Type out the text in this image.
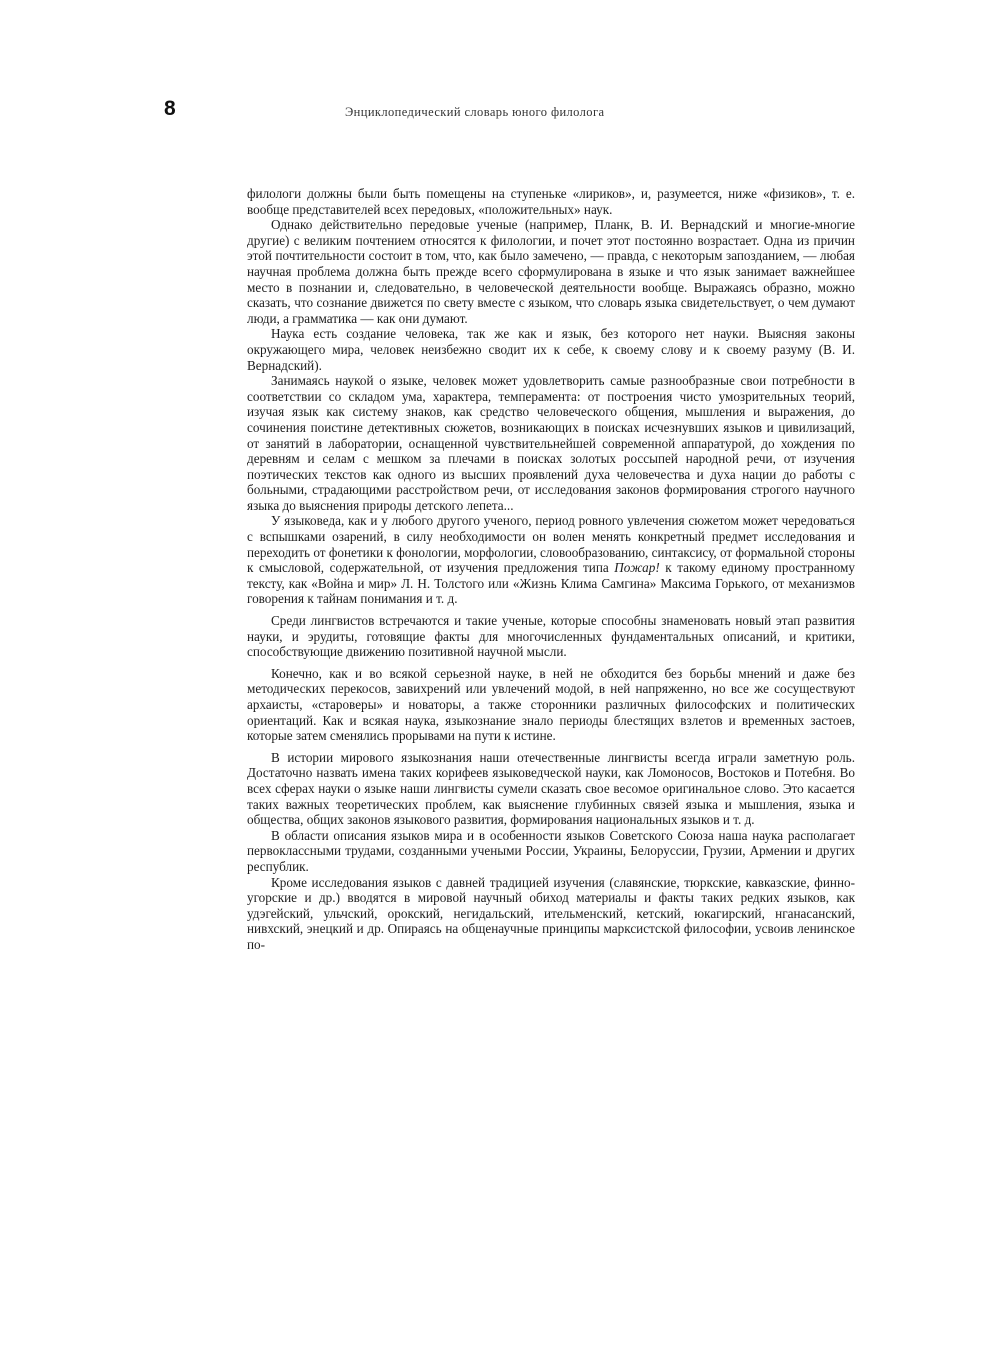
8	Энциклопедический словарь юного филолога

филологи должны были быть помещены на ступеньке «лириков», и, разумеется, ниже «физиков», т. е. вообще представителей всех передовых, «положительных» наук.

Однако действительно передовые ученые (например, Планк, В. И. Вернадский и многие-многие другие) с великим почтением относятся к филологии, и почет этот постоянно возрастает. Одна из причин этой почтительности состоит в том, что, как было замечено, — правда, с некоторым запозданием, — любая научная проблема должна быть прежде всего сформулирована в языке и что язык занимает важнейшее место в познании и, следовательно, в человеческой деятельности вообще. Выражаясь образно, можно сказать, что сознание движется по свету вместе с языком, что словарь языка свидетельствует, о чем думают люди, а грамматика — как они думают.

Наука есть создание человека, так же как и язык, без которого нет науки. Выясняя законы окружающего мира, человек неизбежно сводит их к себе, к своему слову и к своему разуму (В. И. Вернадский).

Занимаясь наукой о языке, человек может удовлетворить самые разнообразные свои потребности в соответствии со складом ума, характера, темперамента: от построения чисто умозрительных теорий, изучая язык как систему знаков, как средство человеческого общения, мышления и выражения, до сочинения поистине детективных сюжетов, возникающих в поисках исчезнувших языков и цивилизаций, от занятий в лаборатории, оснащенной чувствительнейшей современной аппаратурой, до хождения по деревням и селам с мешком за плечами в поисках золотых россыпей народной речи, от изучения поэтических текстов как одного из высших проявлений духа человечества и духа нации до работы с больными, страдающими расстройством речи, от исследования законов формирования строгого научного языка до выяснения природы детского лепета...

У языковеда, как и у любого другого ученого, период ровного увлечения сюжетом может чередоваться с вспышками озарений, в силу необходимости он волен менять конкретный предмет исследования и переходить от фонетики к фонологии, морфологии, словообразованию, синтаксису, от формальной стороны к смысловой, содержательной, от изучения предложения типа Пожар! к такому единому пространному тексту, как «Война и мир» Л. Н. Толстого или «Жизнь Клима Самгина» Максима Горького, от механизмов говорения к тайнам понимания и т. д.

Среди лингвистов встречаются и такие ученые, которые способны знаменовать новый этап развития науки, и эрудиты, готовящие факты для многочисленных фундаментальных описаний, и критики, способствующие движению позитивной научной мысли.

Конечно, как и во всякой серьезной науке, в ней не обходится без борьбы мнений и даже без методических перекосов, завихрений или увлечений модой, в ней напряженно, но все же сосуществуют архаисты, «староверы» и новаторы, а также сторонники различных философских и политических ориентаций. Как и всякая наука, языкознание знало периоды блестящих взлетов и временных застоев, которые затем сменялись прорывами на пути к истине.

В истории мирового языкознания наши отечественные лингвисты всегда играли заметную роль. Достаточно назвать имена таких корифеев языковедческой науки, как Ломоносов, Востоков и Потебня. Во всех сферах науки о языке наши лингвисты сумели сказать свое весомое оригинальное слово. Это касается таких важных теоретических проблем, как выяснение глубинных связей языка и мышления, языка и общества, общих законов языкового развития, формирования национальных языков и т. д.

В области описания языков мира и в особенности языков Советского Союза наша наука располагает первоклассными трудами, созданными учеными России, Украины, Белоруссии, Грузии, Армении и других республик.

Кроме исследования языков с давней традицией изучения (славянские, тюркские, кавказские, финно-угорские и др.) вводятся в мировой научный обиход материалы и факты таких редких языков, как удэгейский, ульчский, орокский, негидальский, ительменский, кетский, юкагирский, нганасанский, нивхский, энецкий и др. Опираясь на общенаучные принципы марксистской философии, усвоив ленинское по-
